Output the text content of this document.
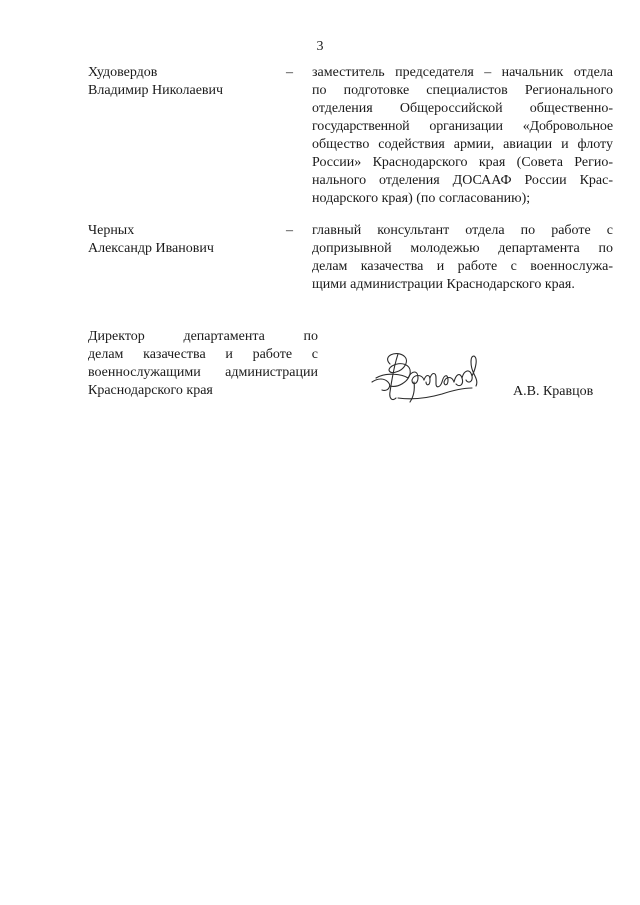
3
Худовердов
Владимир Николаевич
– заместитель председателя – начальник отдела
по подготовке специалистов Регионального
отделения Общероссийской общественно-
государственной организации «Добровольное
общество содействия армии, авиации и флоту
России» Краснодарского края (Совета Регио-
нального отделения ДОСААФ России Крас-
нодарского края) (по согласованию);
Черных
Александр Иванович
– главный консультант отдела по работе с
допризывной молодежью департамента по
делам казачества и работе с военнослужа-
щими администрации Краснодарского края.
Директор департамента по
делам казачества и работе с
военнослужащими администрации
Краснодарского края	А.В. Кравцов
